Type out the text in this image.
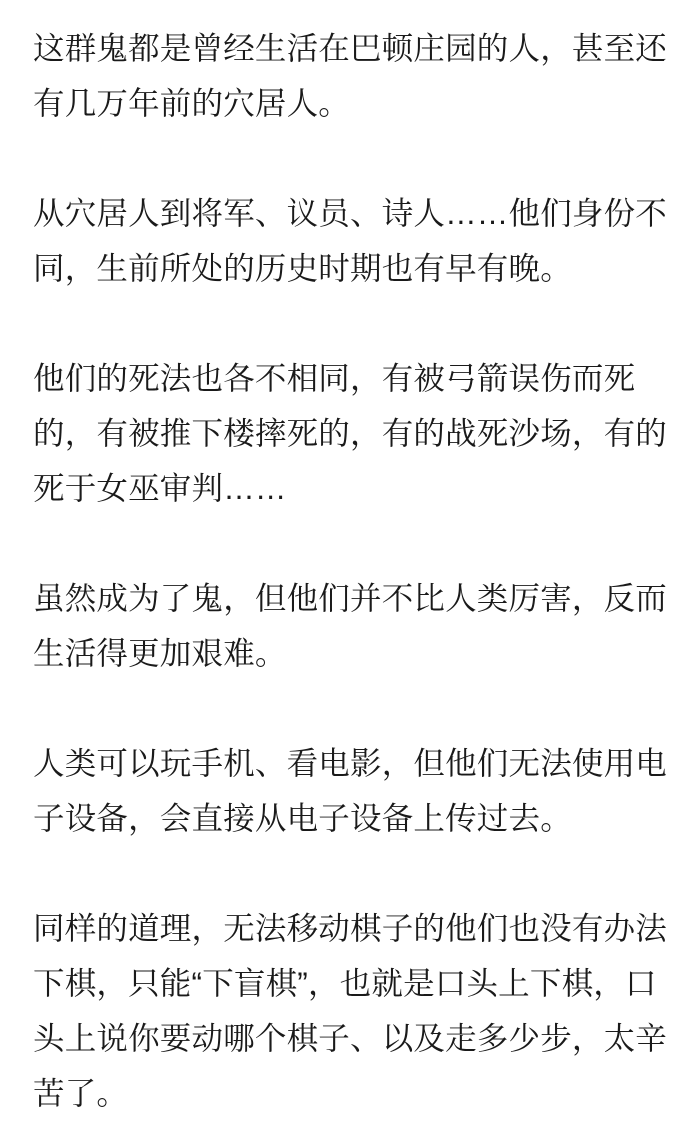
这群鬼都是曾经生活在巴顿庄园的人，甚至还
有几万年前的穴居人。

从穴居人到将军、议员、诗人……他们身份不
同，生前所处的历史时期也有早有晚。

他们的死法也各不相同，有被弓箭误伤而死
的，有被推下楼摔死的，有的战死沙场，有的
死于女巫审判……

虽然成为了鬼，但他们并不比人类厉害，反而
生活得更加艰难。

人类可以玩手机、看电影，但他们无法使用电
子设备，会直接从电子设备上传过去。

同样的道理，无法移动棋子的他们也没有办法
下棋，只能“下盲棋”，也就是口头上下棋，口
头上说你要动哪个棋子、以及走多少步，太辛
苦了。
